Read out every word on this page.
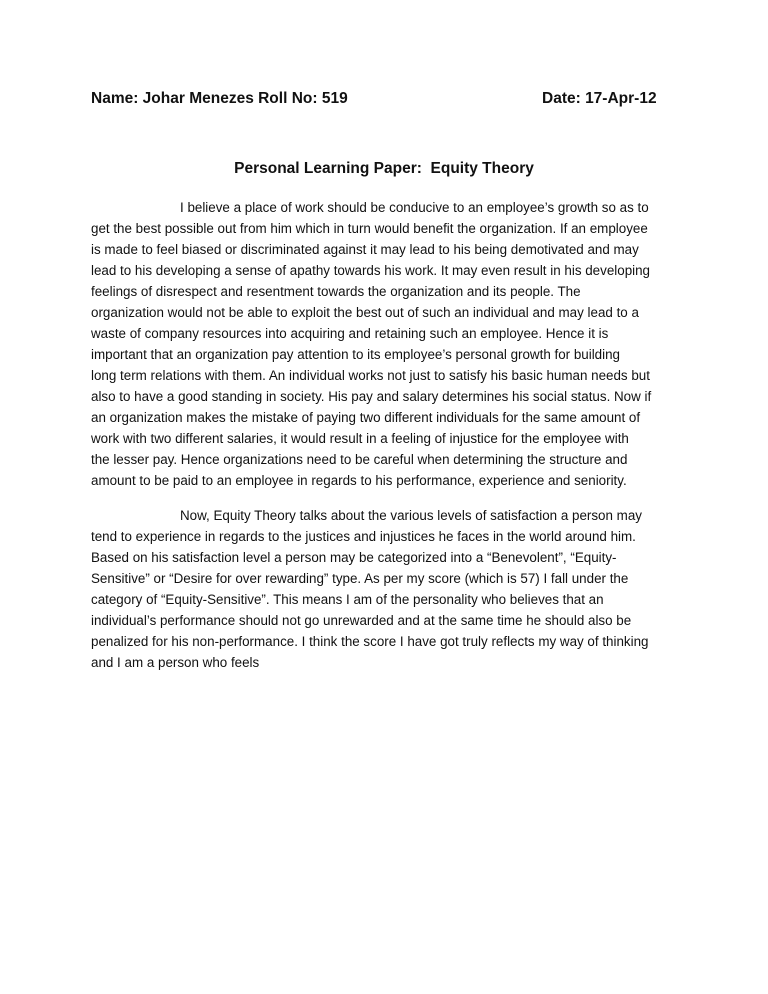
Name: Johar Menezes Roll No: 519	Date: 17-Apr-12
Personal Learning Paper:  Equity Theory

I believe a place of work should be conducive to an employee’s growth so as to
get the best possible out from him which in turn would benefit the organization. If an employee
is made to feel biased or discriminated against it may lead to his being demotivated and may
lead to his developing a sense of apathy towards his work. It may even result in his developing
feelings of disrespect and resentment towards the organization and its people. The
organization would not be able to exploit the best out of such an individual and may lead to a
waste of company resources into acquiring and retaining such an employee. Hence it is
important that an organization pay attention to its employee’s personal growth for building
long term relations with them. An individual works not just to satisfy his basic human needs but
also to have a good standing in society. His pay and salary determines his social status. Now if
an organization makes the mistake of paying two different individuals for the same amount of
work with two different salaries, it would result in a feeling of injustice for the employee with
the lesser pay. Hence organizations need to be careful when determining the structure and
amount to be paid to an employee in regards to his performance, experience and seniority.

Now, Equity Theory talks about the various levels of satisfaction a person may
tend to experience in regards to the justices and injustices he faces in the world around him.
Based on his satisfaction level a person may be categorized into a “Benevolent”, “Equity-
Sensitive” or “Desire for over rewarding” type. As per my score (which is 57) I fall under the
category of “Equity-Sensitive”. This means I am of the personality who believes that an
individual’s performance should not go unrewarded and at the same time he should also be
penalized for his non-performance. I think the score I have got truly reflects my way of thinking
and I am a person who feels
